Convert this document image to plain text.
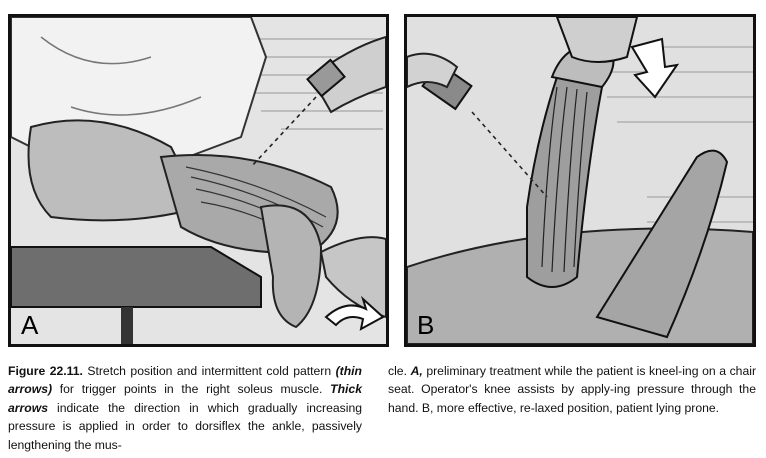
A	B
Figure 22.11. Stretch position and intermittent cold pattern (thin arrows) for trigger points in the right soleus muscle. Thick arrows indicate the direction in which gradually increasing pressure is applied in order to dorsiflex the ankle, passively lengthening the mus-
cle. A, preliminary treatment while the patient is kneel-ing on a chair seat. Operator's knee assists by apply-ing pressure through the hand. B, more effective, re-laxed position, patient lying prone.
